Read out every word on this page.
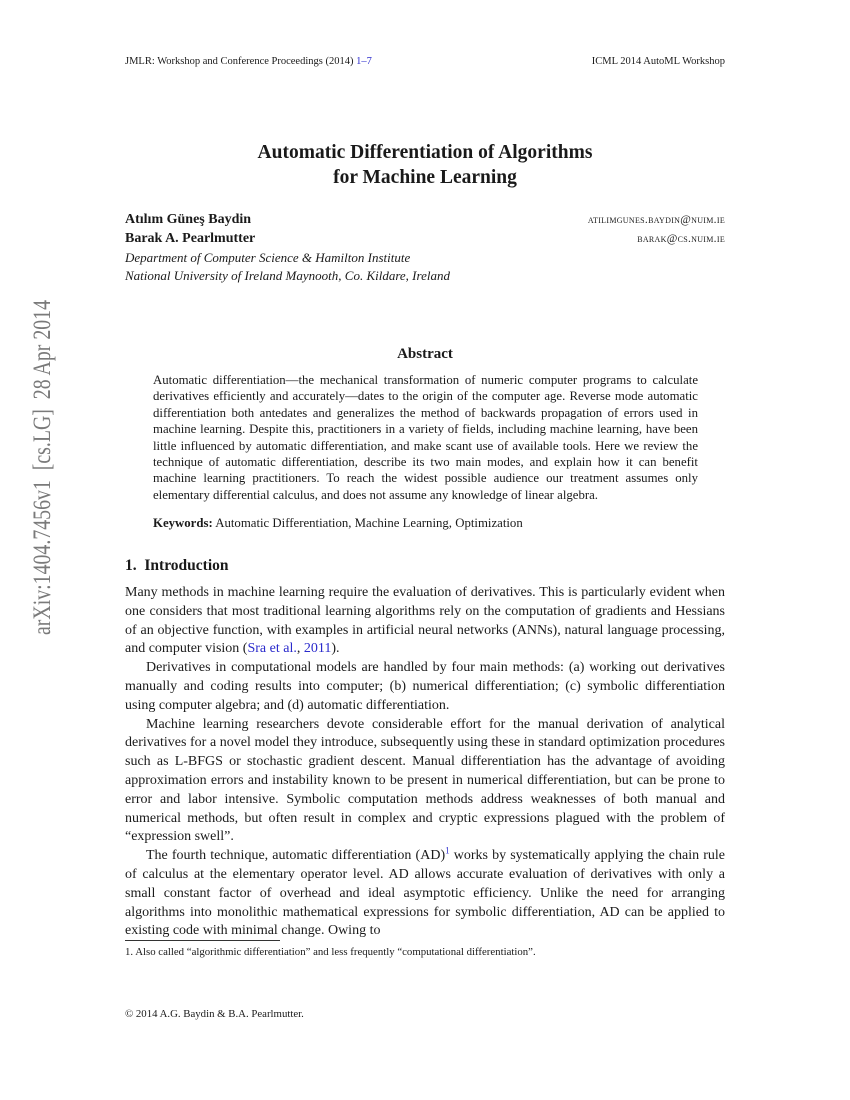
JMLR: Workshop and Conference Proceedings (2014) 1–7	ICML 2014 AutoML Workshop
arXiv:1404.7456v1  [cs.LG]  28 Apr 2014
Automatic Differentiation of Algorithms
for Machine Learning
Atılım Güneş Baydin	atilimgunes.baydin@nuim.ie
Barak A. Pearlmutter	barak@cs.nuim.ie
Department of Computer Science & Hamilton Institute
National University of Ireland Maynooth, Co. Kildare, Ireland
Abstract
Automatic differentiation—the mechanical transformation of numeric computer programs to calculate derivatives efficiently and accurately—dates to the origin of the computer age. Reverse mode automatic differentiation both antedates and generalizes the method of backwards propagation of errors used in machine learning. Despite this, practitioners in a variety of fields, including machine learning, have been little influenced by automatic differentiation, and make scant use of available tools. Here we review the technique of automatic differentiation, describe its two main modes, and explain how it can benefit machine learning practitioners. To reach the widest possible audience our treatment assumes only elementary differential calculus, and does not assume any knowledge of linear algebra.
Keywords: Automatic Differentiation, Machine Learning, Optimization
1. Introduction

Many methods in machine learning require the evaluation of derivatives. This is particularly evident when one considers that most traditional learning algorithms rely on the computation of gradients and Hessians of an objective function, with examples in artificial neural networks (ANNs), natural language processing, and computer vision (Sra et al., 2011).

Derivatives in computational models are handled by four main methods: (a) working out derivatives manually and coding results into computer; (b) numerical differentiation; (c) symbolic differentiation using computer algebra; and (d) automatic differentiation.

Machine learning researchers devote considerable effort for the manual derivation of analytical derivatives for a novel model they introduce, subsequently using these in standard optimization procedures such as L-BFGS or stochastic gradient descent. Manual differentiation has the advantage of avoiding approximation errors and instability known to be present in numerical differentiation, but can be prone to error and labor intensive. Symbolic computation methods address weaknesses of both manual and numerical methods, but often result in complex and cryptic expressions plagued with the problem of “expression swell”.

The fourth technique, automatic differentiation (AD)$^1$ works by systematically applying the chain rule of calculus at the elementary operator level. AD allows accurate evaluation of derivatives with only a small constant factor of overhead and ideal asymptotic efficiency. Unlike the need for arranging algorithms into monolithic mathematical expressions for symbolic differentiation, AD can be applied to existing code with minimal change. Owing to

1. Also called “algorithmic differentiation” and less frequently “computational differentiation”.
© 2014 A.G. Baydin & B.A. Pearlmutter.
